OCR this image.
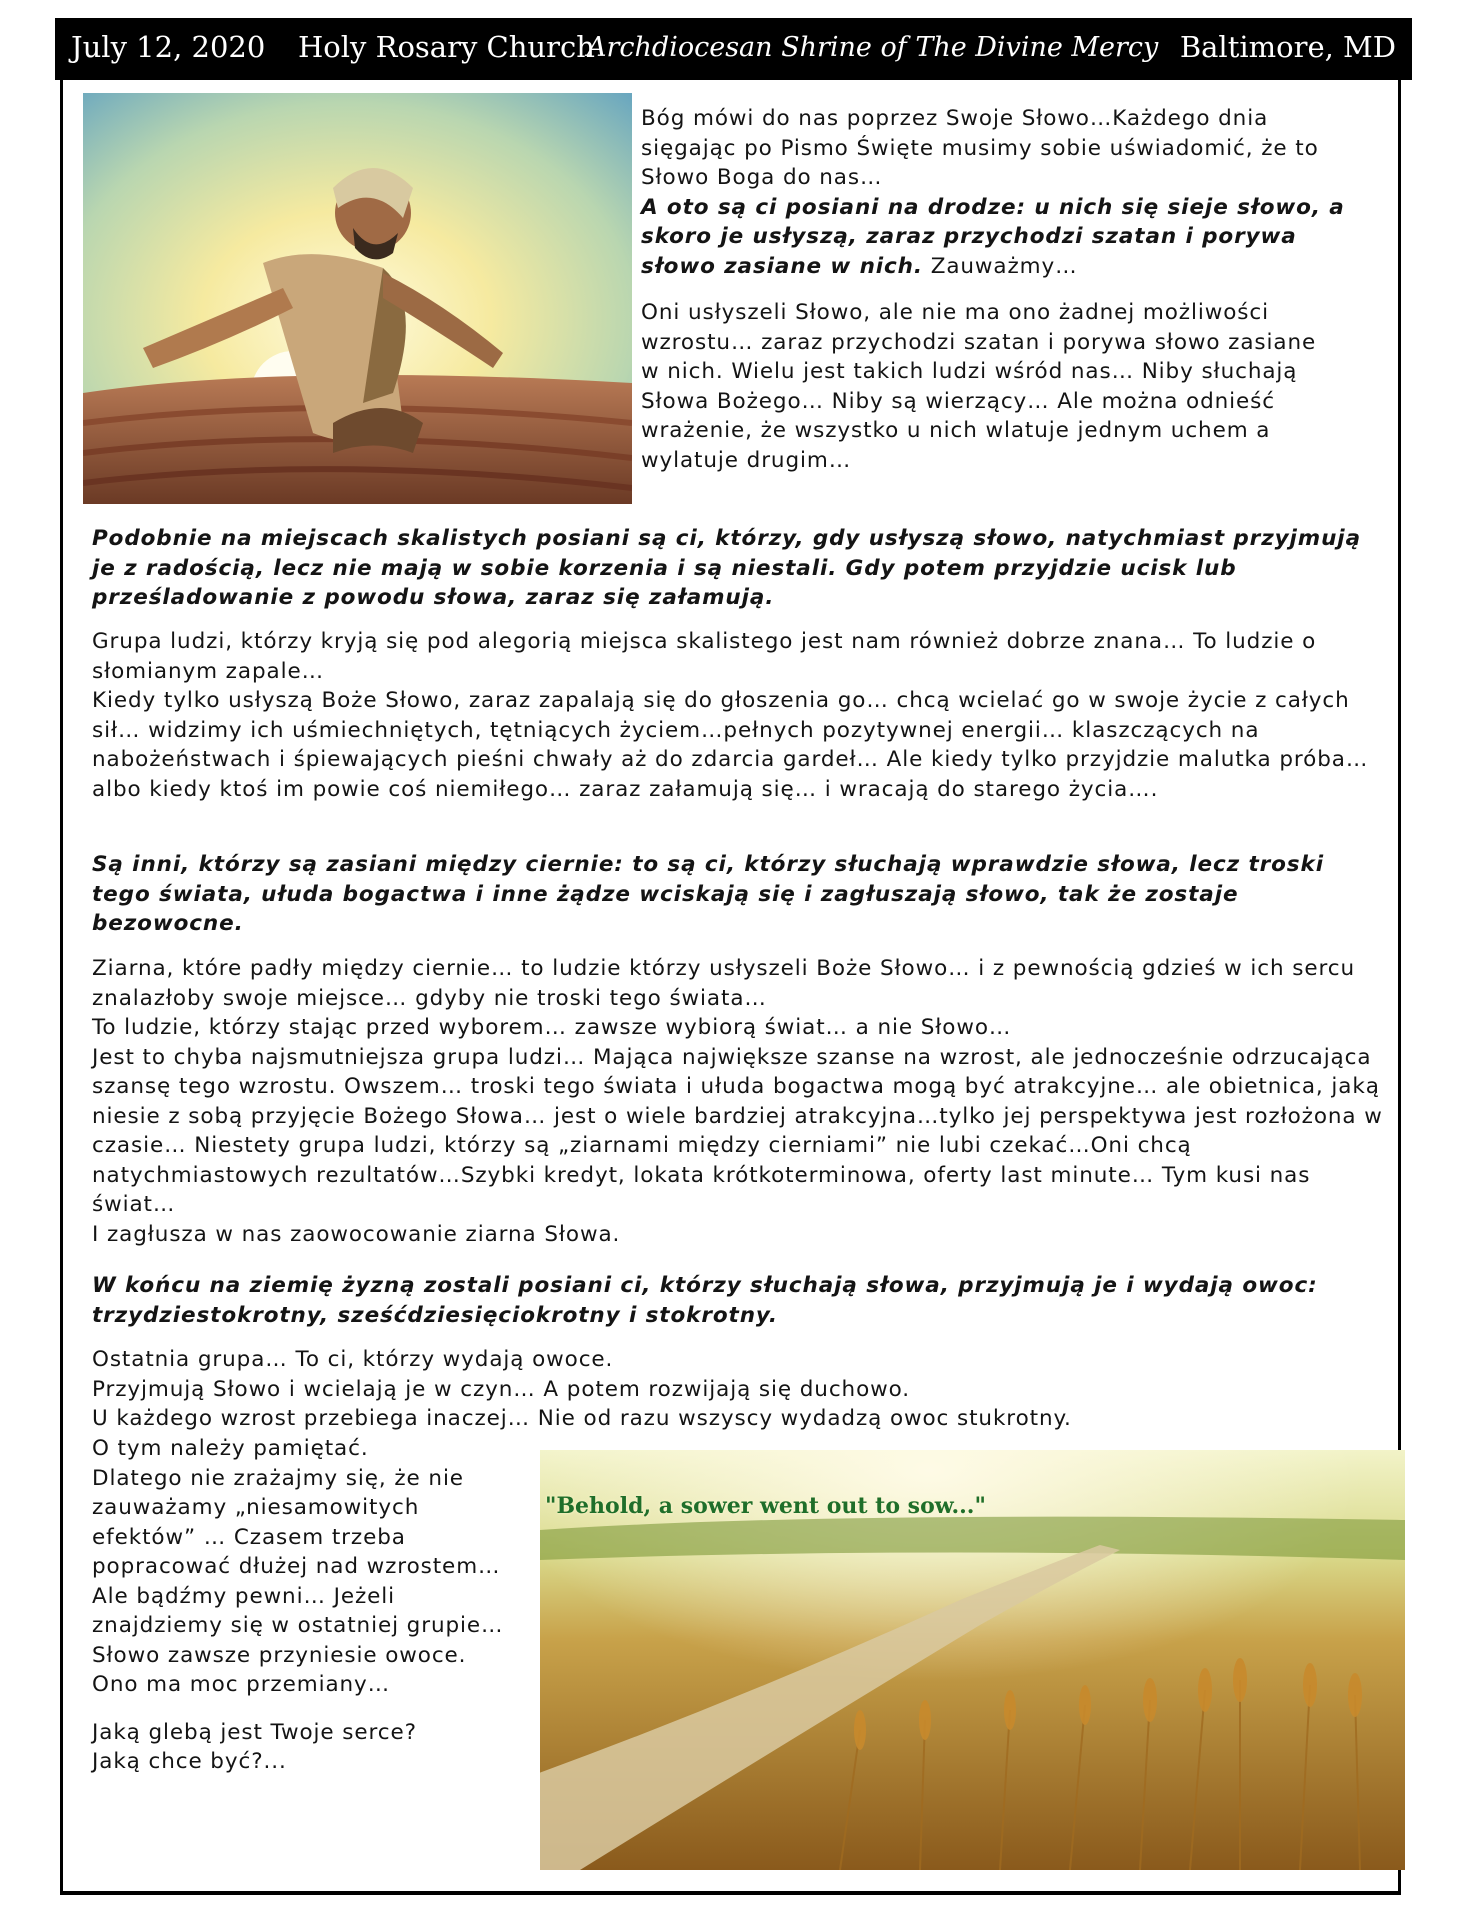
July 12, 2020 Holy Rosary Church
Archdiocesan Shrine of The Divine Mercy Baltimore, MD
Bóg mówi do nas poprzez Swoje Słowo…Każdego dnia sięgając po Pismo Święte musimy sobie uświadomić, że to Słowo Boga do nas…
A oto są ci posiani na drodze: u nich się sieje słowo, a skoro je usłyszą, zaraz przychodzi szatan i porywa słowo zasiane w nich. Zauważmy…
Oni usłyszeli Słowo, ale nie ma ono żadnej możliwości wzrostu… zaraz przychodzi szatan i porywa słowo zasiane w nich. Wielu jest takich ludzi wśród nas… Niby słuchają Słowa Bożego… Niby są wierzący… Ale można odnieść wrażenie, że wszystko u nich wlatuje jednym uchem a wylatuje drugim…
Podobnie na miejscach skalistych posiani są ci, którzy, gdy usłyszą słowo, natychmiast przyjmują je z radością, lecz nie mają w sobie korzenia i są niestali. Gdy potem przyjdzie ucisk lub prześladowanie z powodu słowa, zaraz się załamują.

Grupa ludzi, którzy kryją się pod alegorią miejsca skalistego jest nam również dobrze znana… To ludzie o słomianym zapale…

Kiedy tylko usłyszą Boże Słowo, zaraz zapalają się do głoszenia go… chcą wcielać go w swoje życie z całych sił… widzimy ich uśmiechniętych, tętniących życiem…pełnych pozytywnej energii… klaszczących na nabożeństwach i śpiewających pieśni chwały aż do zdarcia gardeł… Ale kiedy tylko przyjdzie malutka próba… albo kiedy ktoś im powie coś niemiłego… zaraz załamują się… i wracają do starego życia….

Są inni, którzy są zasiani między ciernie: to są ci, którzy słuchają wprawdzie słowa, lecz troski tego świata, ułuda bogactwa i inne żądze wciskają się i zagłuszają słowo, tak że zostaje bezowocne.

Ziarna, które padły między ciernie… to ludzie którzy usłyszeli Boże Słowo… i z pewnością gdzieś w ich sercu znalazłoby swoje miejsce… gdyby nie troski tego świata…

To ludzie, którzy stając przed wyborem… zawsze wybiorą świat… a nie Słowo…

Jest to chyba najsmutniejsza grupa ludzi… Mająca największe szanse na wzrost, ale jednocześnie odrzucająca szansę tego wzrostu. Owszem… troski tego świata i ułuda bogactwa mogą być atrakcyjne… ale obietnica, jaką niesie z sobą przyjęcie Bożego Słowa… jest o wiele bardziej atrakcyjna…tylko jej perspektywa jest rozłożona w czasie… Niestety grupa ludzi, którzy są „ziarnami między cierniami” nie lubi czekać…Oni chcą natychmiastowych rezultatów…Szybki kredyt, lokata krótkoterminowa, oferty last minute… Tym kusi nas świat…

I zagłusza w nas zaowocowanie ziarna Słowa.

W końcu na ziemię żyzną zostali posiani ci, którzy słuchają słowa, przyjmują je i wydają owoc: trzydziestokrotny, sześćdziesięciokrotny i stokrotny.

Ostatnia grupa… To ci, którzy wydają owoce.

Przyjmują Słowo i wcielają je w czyn… A potem rozwijają się duchowo.

U każdego wzrost przebiega inaczej… Nie od razu wszyscy wydadzą owoc stukrotny.

O tym należy pamiętać.

Dlatego nie zrażajmy się, że nie zauważamy „niesamowitych efektów” … Czasem trzeba popracować dłużej nad wzrostem… Ale bądźmy pewni… Jeżeli znajdziemy się w ostatniej grupie…

Słowo zawsze przyniesie owoce.

Ono ma moc przemiany…

Jaką glebą jest Twoje serce?

Jaką chce być?...

"Behold, a sower went out to sow..."
